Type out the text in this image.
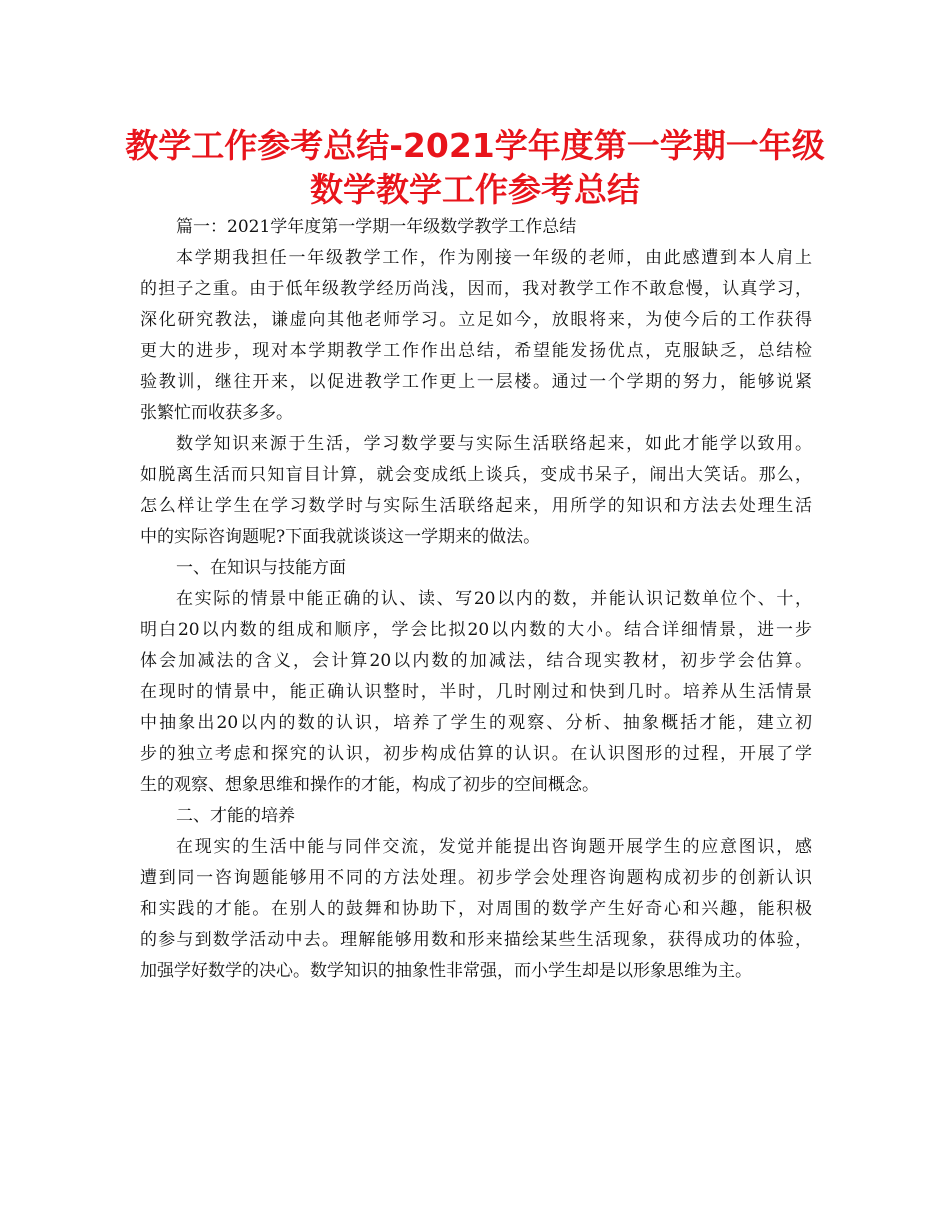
教学工作参考总结-2021学年度第一学期一年级
数学教学工作参考总结
篇一：2021学年度第一学期一年级数学教学工作总结
本学期我担任一年级教学工作，作为刚接一年级的老师，由此感遭到本人肩上
的担子之重。由于低年级教学经历尚浅，因而，我对教学工作不敢怠慢，认真学习，
深化研究教法，谦虚向其他老师学习。立足如今，放眼将来，为使今后的工作获得
更大的进步，现对本学期教学工作作出总结，希望能发扬优点，克服缺乏，总结检
验教训，继往开来，以促进教学工作更上一层楼。通过一个学期的努力，能够说紧
张繁忙而收获多多。
数学知识来源于生活，学习数学要与实际生活联络起来，如此才能学以致用。
如脱离生活而只知盲目计算，就会变成纸上谈兵，变成书呆子，闹出大笑话。那么，
怎么样让学生在学习数学时与实际生活联络起来，用所学的知识和方法去处理生活
中的实际咨询题呢?下面我就谈谈这一学期来的做法。
一、在知识与技能方面
在实际的情景中能正确的认、读、写20以内的数，并能认识记数单位个、十，
明白20以内数的组成和顺序，学会比拟20以内数的大小。结合详细情景，进一步
体会加减法的含义，会计算20以内数的加减法，结合现实教材，初步学会估算。
在现时的情景中，能正确认识整时，半时，几时刚过和快到几时。培养从生活情景
中抽象出20以内的数的认识，培养了学生的观察、分析、抽象概括才能，建立初
步的独立考虑和探究的认识，初步构成估算的认识。在认识图形的过程，开展了学
生的观察、想象思维和操作的才能，构成了初步的空间概念。
二、才能的培养
在现实的生活中能与同伴交流，发觉并能提出咨询题开展学生的应意图识，感
遭到同一咨询题能够用不同的方法处理。初步学会处理咨询题构成初步的创新认识
和实践的才能。在别人的鼓舞和协助下，对周围的数学产生好奇心和兴趣，能积极
的参与到数学活动中去。理解能够用数和形来描绘某些生活现象，获得成功的体验，
加强学好数学的决心。数学知识的抽象性非常强，而小学生却是以形象思维为主。
